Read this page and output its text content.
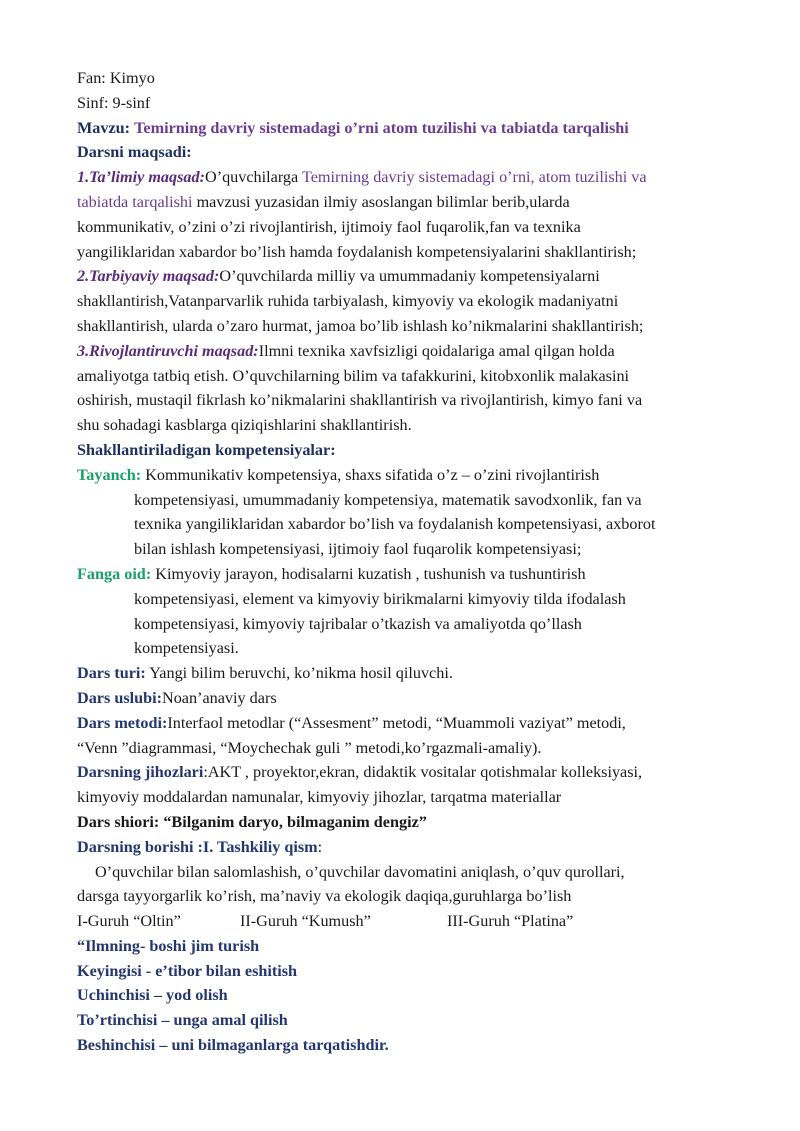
Fan: Kimyo
Sinf: 9-sinf
Mavzu: Temirning davriy sistemadagi o’rni atom tuzilishi va tabiatda tarqalishi
Darsni maqsadi:
1.Ta’limiy maqsad:O’quvchilarga Temirning davriy sistemadagi o’rni, atom tuzilishi va
tabiatda tarqalishi mavzusi yuzasidan ilmiy asoslangan bilimlar berib,ularda
kommunikativ, o’zini o’zi rivojlantirish, ijtimoiy faol fuqarolik,fan va texnika
yangiliklaridan xabardor bo’lish hamda foydalanish kompetensiyalarini shakllantirish;
2.Tarbiyaviy maqsad:O’quvchilarda milliy va umummadaniy kompetensiyalarni
shakllantirish,Vatanparvarlik ruhida tarbiyalash, kimyoviy va ekologik madaniyatni
shakllantirish, ularda o’zaro hurmat, jamoa bo’lib ishlash ko’nikmalarini shakllantirish;
3.Rivojlantiruvchi maqsad:Ilmni texnika xavfsizligi qoidalariga amal qilgan holda
amaliyotga tatbiq etish. O’quvchilarning bilim va tafakkurini, kitobxonlik malakasini
oshirish, mustaqil fikrlash ko’nikmalarini shakllantirish va rivojlantirish, kimyo fani va
shu sohadagi kasblarga qiziqishlarini shakllantirish.
Shakllantiriladigan kompetensiyalar:
Tayanch: Kommunikativ kompetensiya, shaxs sifatida o’z – o’zini rivojlantirish
kompetensiyasi, umummadaniy kompetensiya, matematik savodxonlik, fan va
texnika yangiliklaridan xabardor bo’lish va foydalanish kompetensiyasi, axborot
bilan ishlash kompetensiyasi, ijtimoiy faol fuqarolik kompetensiyasi;
Fanga oid: Kimyoviy jarayon, hodisalarni kuzatish , tushunish va tushuntirish
kompetensiyasi, element va kimyoviy birikmalarni kimyoviy tilda ifodalash
kompetensiyasi, kimyoviy tajribalar o’tkazish va amaliyotda qo’llash
kompetensiyasi.
Dars turi: Yangi bilim beruvchi, ko’nikma hosil qiluvchi.
Dars uslubi:Noan’anaviy dars
Dars metodi:Interfaol metodlar (“Assesment” metodi, “Muammoli vaziyat” metodi,
“Venn ”diagrammasi, “Moychechak guli ” metodi,ko’rgazmali-amaliy).
Darsning jihozlari:AKT , proyektor,ekran, didaktik vositalar qotishmalar kolleksiyasi,
kimyoviy moddalardan namunalar, kimyoviy jihozlar, tarqatma materiallar
Dars shiori: “Bilganim daryo, bilmaganim dengiz”
Darsning borishi :I. Tashkiliy qism:
O’quvchilar bilan salomlashish, o’quvchilar davomatini aniqlash, o’quv qurollari,
darsga tayyorgarlik ko’rish, ma’naviy va ekologik daqiqa,guruhlarga bo’lish
I-Guruh “Oltin”	II-Guruh “Kumush”	III-Guruh “Platina”
“Ilmning- boshi jim turish
Keyingisi - e’tibor bilan eshitish
Uchinchisi – yod olish
To’rtinchisi – unga amal qilish
Beshinchisi – uni bilmaganlarga tarqatishdir.
